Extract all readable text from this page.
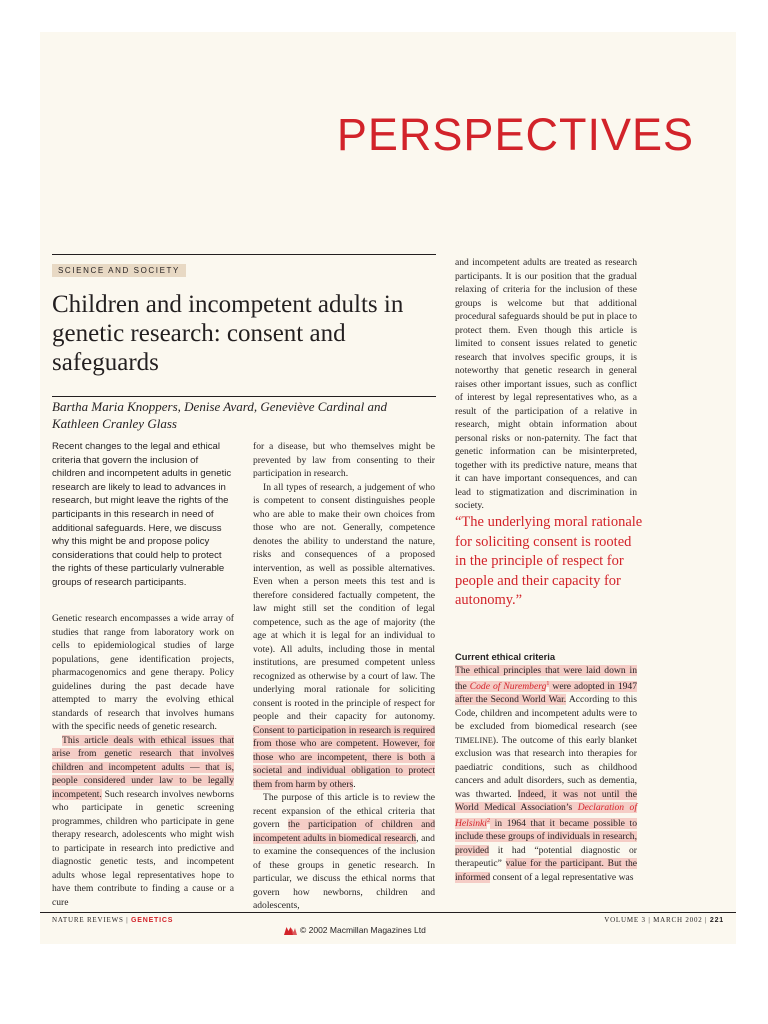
PERSPECTIVES
SCIENCE AND SOCIETY
Children and incompetent adults in genetic research: consent and safeguards
Bartha Maria Knoppers, Denise Avard, Geneviève Cardinal and Kathleen Cranley Glass
Recent changes to the legal and ethical criteria that govern the inclusion of children and incompetent adults in genetic research are likely to lead to advances in research, but might leave the rights of the participants in this research in need of additional safeguards. Here, we discuss why this might be and propose policy considerations that could help to protect the rights of these particularly vulnerable groups of research participants.

Genetic research encompasses a wide array of studies that range from laboratory work on cells to epidemiological studies of large populations, gene identification projects, pharmacogenomics and gene therapy. Policy guidelines during the past decade have attempted to marry the evolving ethical standards of research that involves humans with the specific needs of genetic research.

This article deals with ethical issues that arise from genetic research that involves children and incompetent adults — that is, people considered under law to be legally incompetent. Such research involves newborns who participate in genetic screening programmes, children who participate in gene therapy research, adolescents who might wish to participate in research into predictive and diagnostic genetic tests, and incompetent adults whose legal representatives hope to have them contribute to finding a cause or a cure

for a disease, but who themselves might be prevented by law from consenting to their participation in research.

In all types of research, a judgement of who is competent to consent distinguishes people who are able to make their own choices from those who are not. Generally, competence denotes the ability to understand the nature, risks and consequences of a proposed intervention, as well as possible alternatives. Even when a person meets this test and is therefore considered factually competent, the law might still set the condition of legal competence, such as the age of majority (the age at which it is legal for an individual to vote). All adults, including those in mental institutions, are presumed competent unless recognized as otherwise by a court of law. The underlying moral rationale for soliciting consent is rooted in the principle of respect for people and their capacity for autonomy. Consent to participation in research is required from those who are competent. However, for those who are incompetent, there is both a societal and individual obligation to protect them from harm by others.

The purpose of this article is to review the recent expansion of the ethical criteria that govern the participation of children and incompetent adults in biomedical research, and to examine the consequences of the inclusion of these groups in genetic research. In particular, we discuss the ethical norms that govern how newborns, children and adolescents,

and incompetent adults are treated as research participants. It is our position that the gradual relaxing of criteria for the inclusion of these groups is welcome but that additional procedural safeguards should be put in place to protect them. Even though this article is limited to consent issues related to genetic research that involves specific groups, it is noteworthy that genetic research in general raises other important issues, such as conflict of interest by legal representatives who, as a result of the participation of a relative in research, might obtain information about personal risks or non-paternity. The fact that genetic information can be misinterpreted, together with its predictive nature, means that it can have important consequences, and can lead to stigmatization and discrimination in society.

“The underlying moral rationale for soliciting consent is rooted in the principle of respect for people and their capacity for autonomy.”
Current ethical criteria

The ethical principles that were laid down in the Code of Nuremberg$^1$ were adopted in 1947 after the Second World War. According to this Code, children and incompetent adults were to be excluded from biomedical research (see TIMELINE). The outcome of this early blanket exclusion was that research into therapies for paediatric conditions, such as childhood cancers and adult disorders, such as dementia, was thwarted. Indeed, it was not until the World Medical Association’s Declaration of Helsinki$^2$ in 1964 that it became possible to include these groups of individuals in research, provided it had “potential diagnostic or therapeutic” value for the participant. But the informed consent of a legal representative was

NATURE REVIEWS | GENETICS	VOLUME 3 | MARCH 2002 | 221
© 2002 Macmillan Magazines Ltd
